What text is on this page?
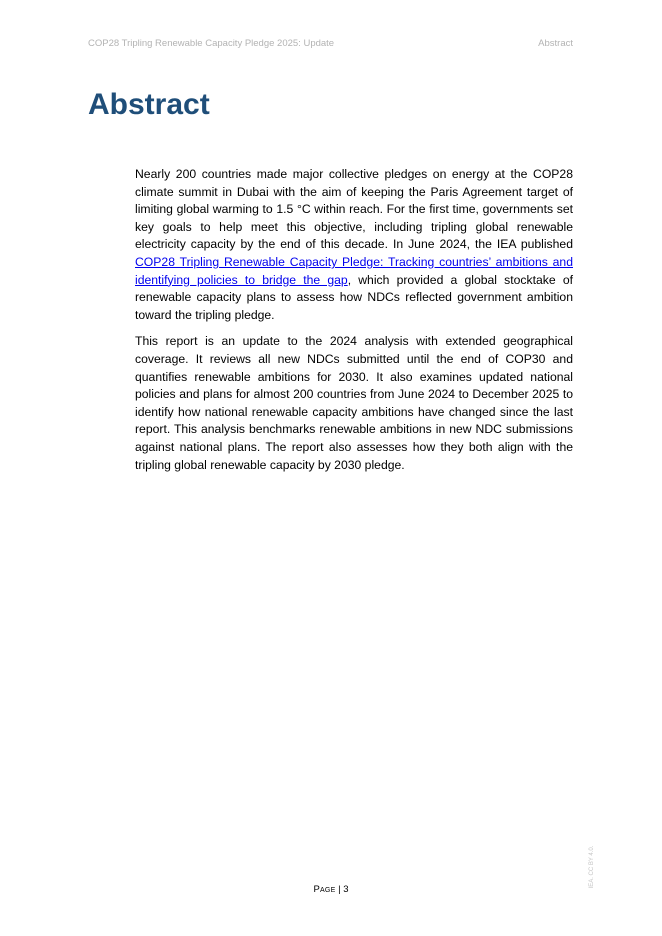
COP28 Tripling Renewable Capacity Pledge 2025: Update	Abstract
Abstract

Nearly 200 countries made major collective pledges on energy at the COP28 climate summit in Dubai with the aim of keeping the Paris Agreement target of limiting global warming to 1.5 °C within reach. For the first time, governments set key goals to help meet this objective, including tripling global renewable electricity capacity by the end of this decade. In June 2024, the IEA published COP28 Tripling Renewable Capacity Pledge: Tracking countries’ ambitions and identifying policies to bridge the gap, which provided a global stocktake of renewable capacity plans to assess how NDCs reflected government ambition toward the tripling pledge.

This report is an update to the 2024 analysis with extended geographical coverage. It reviews all new NDCs submitted until the end of COP30 and quantifies renewable ambitions for 2030. It also examines updated national policies and plans for almost 200 countries from June 2024 to December 2025 to identify how national renewable capacity ambitions have changed since the last report. This analysis benchmarks renewable ambitions in new NDC submissions against national plans. The report also assesses how they both align with the tripling global renewable capacity by 2030 pledge.

Page | 3
IEA. CC BY 4.0.
